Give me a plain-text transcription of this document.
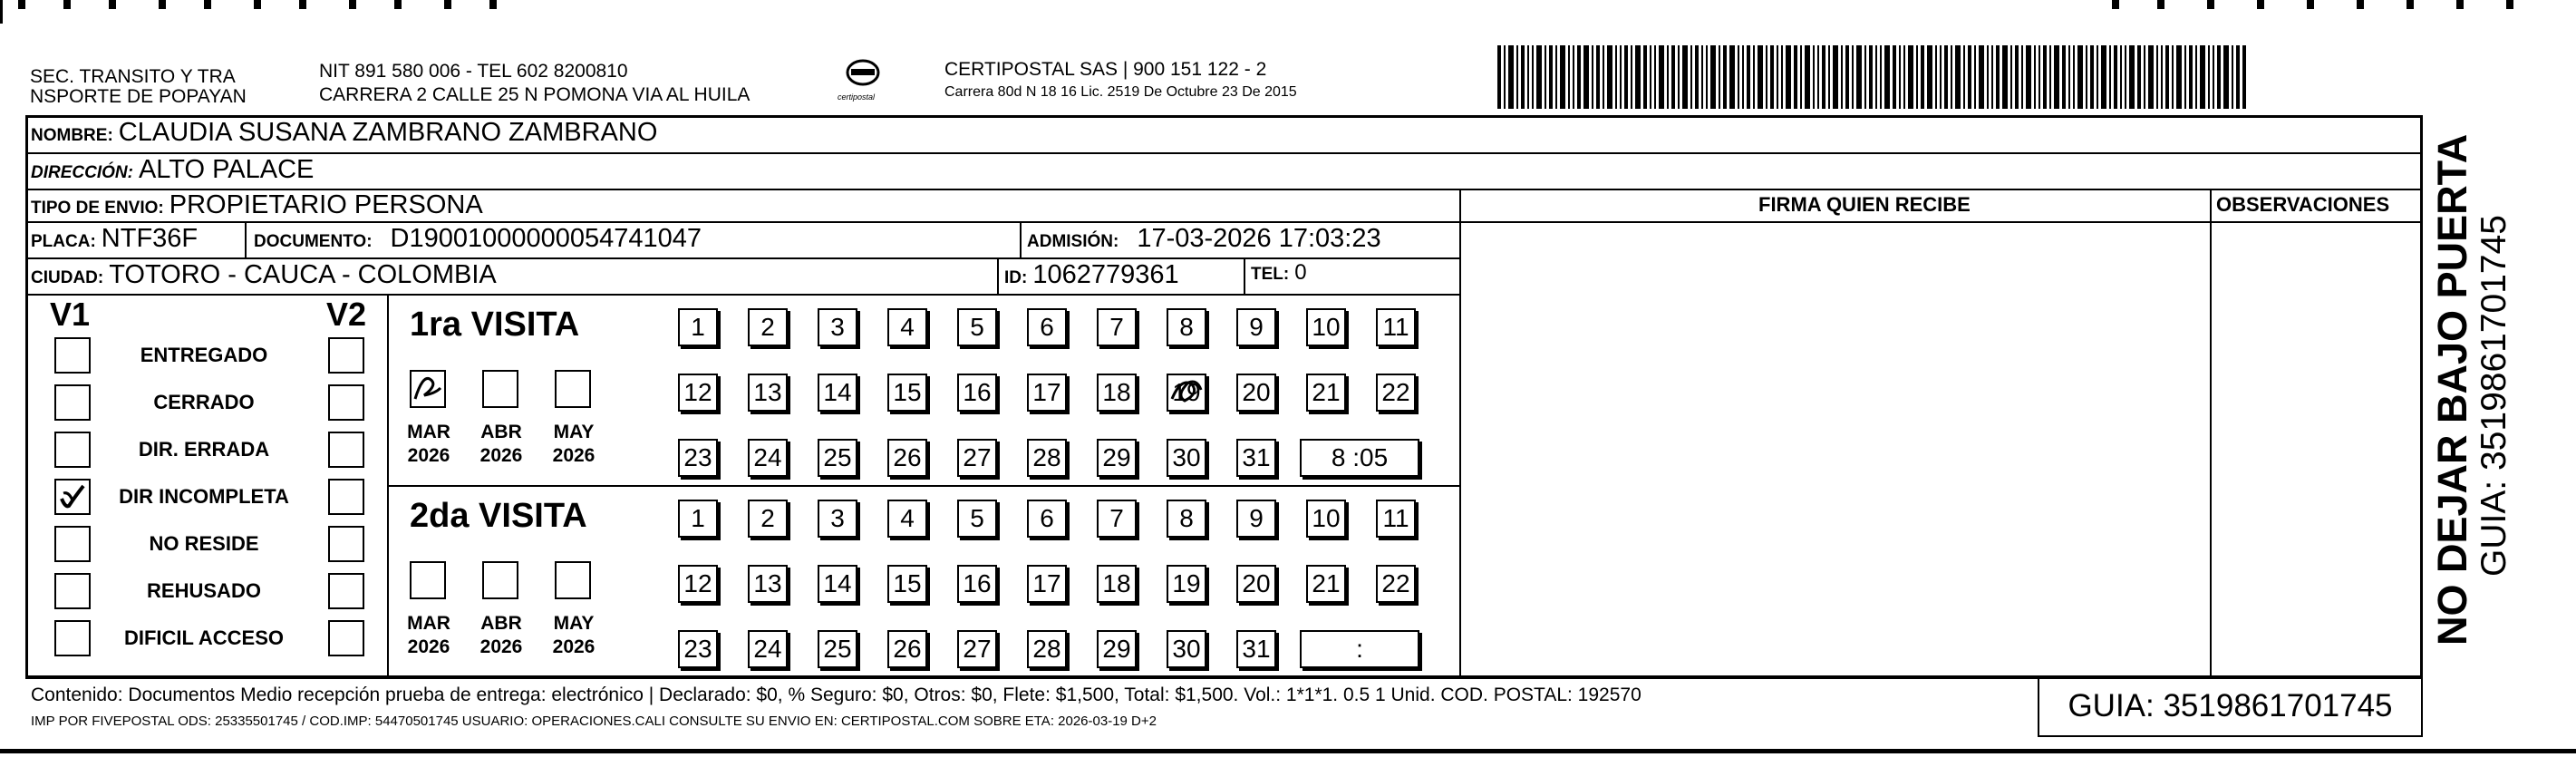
SEC. TRANSITO Y TRA
NSPORTE DE POPAYAN
NIT 891 580 006 - TEL 602 8200810
CARRERA 2 CALLE 25 N POMONA VIA AL HUILA	certipostal
CERTIPOSTAL SAS | 900 151 122 - 2
Carrera 80d N 18 16 Lic. 2519 De Octubre 23 De 2015
NOMBRE: CLAUDIA SUSANA ZAMBRANO ZAMBRANO
DIRECCIÓN: ALTO PALACE
TIPO DE ENVIO: PROPIETARIO PERSONA
PLACA: NTF36F	DOCUMENTO: D19001000000054741047	ADMISIÓN: 17-03-2026 17:03:23
CIUDAD: TOTORO - CAUCA - COLOMBIA	ID: 1062779361	TEL: 0
FIRMA QUIEN RECIBE	OBSERVACIONES
V1	V2
ENTREGADO
CERRADO
DIR. ERRADA
DIR INCOMPLETA
NO RESIDE
REHUSADO
DIFICIL ACCESO
1ra VISITA
2da VISITA
MAR
2026
ABR
2026
MAY
2026
1	2	3	4	5	6	7	8	9	10 11
12 13 14 15 16 17 18 19 20 21 22
23 24 25 26 27 28 29 30 31	8 :05
MAR
2026
ABR
2026
MAY
2026
1	2	3	4	5	6	7	8	9	10 11
12 13 14 15 16 17 18 19 20 21 22
23 24 25 26 27 28 29 30 31	:
Contenido: Documentos Medio recepción prueba de entrega: electrónico | Declarado: $0, % Seguro: $0, Otros: $0, Flete: $1,500, Total: $1,500. Vol.: 1*1*1. 0.5 1 Unid. COD. POSTAL: 192570
IMP POR FIVEPOSTAL ODS: 25335501745 / COD.IMP: 54470501745 USUARIO: OPERACIONES.CALI CONSULTE SU ENVIO EN: CERTIPOSTAL.COM SOBRE ETA: 2026-03-19 D+2	GUIA: 3519861701745
NO DEJAR BAJO PUERTA GUIA: 3519861701745
